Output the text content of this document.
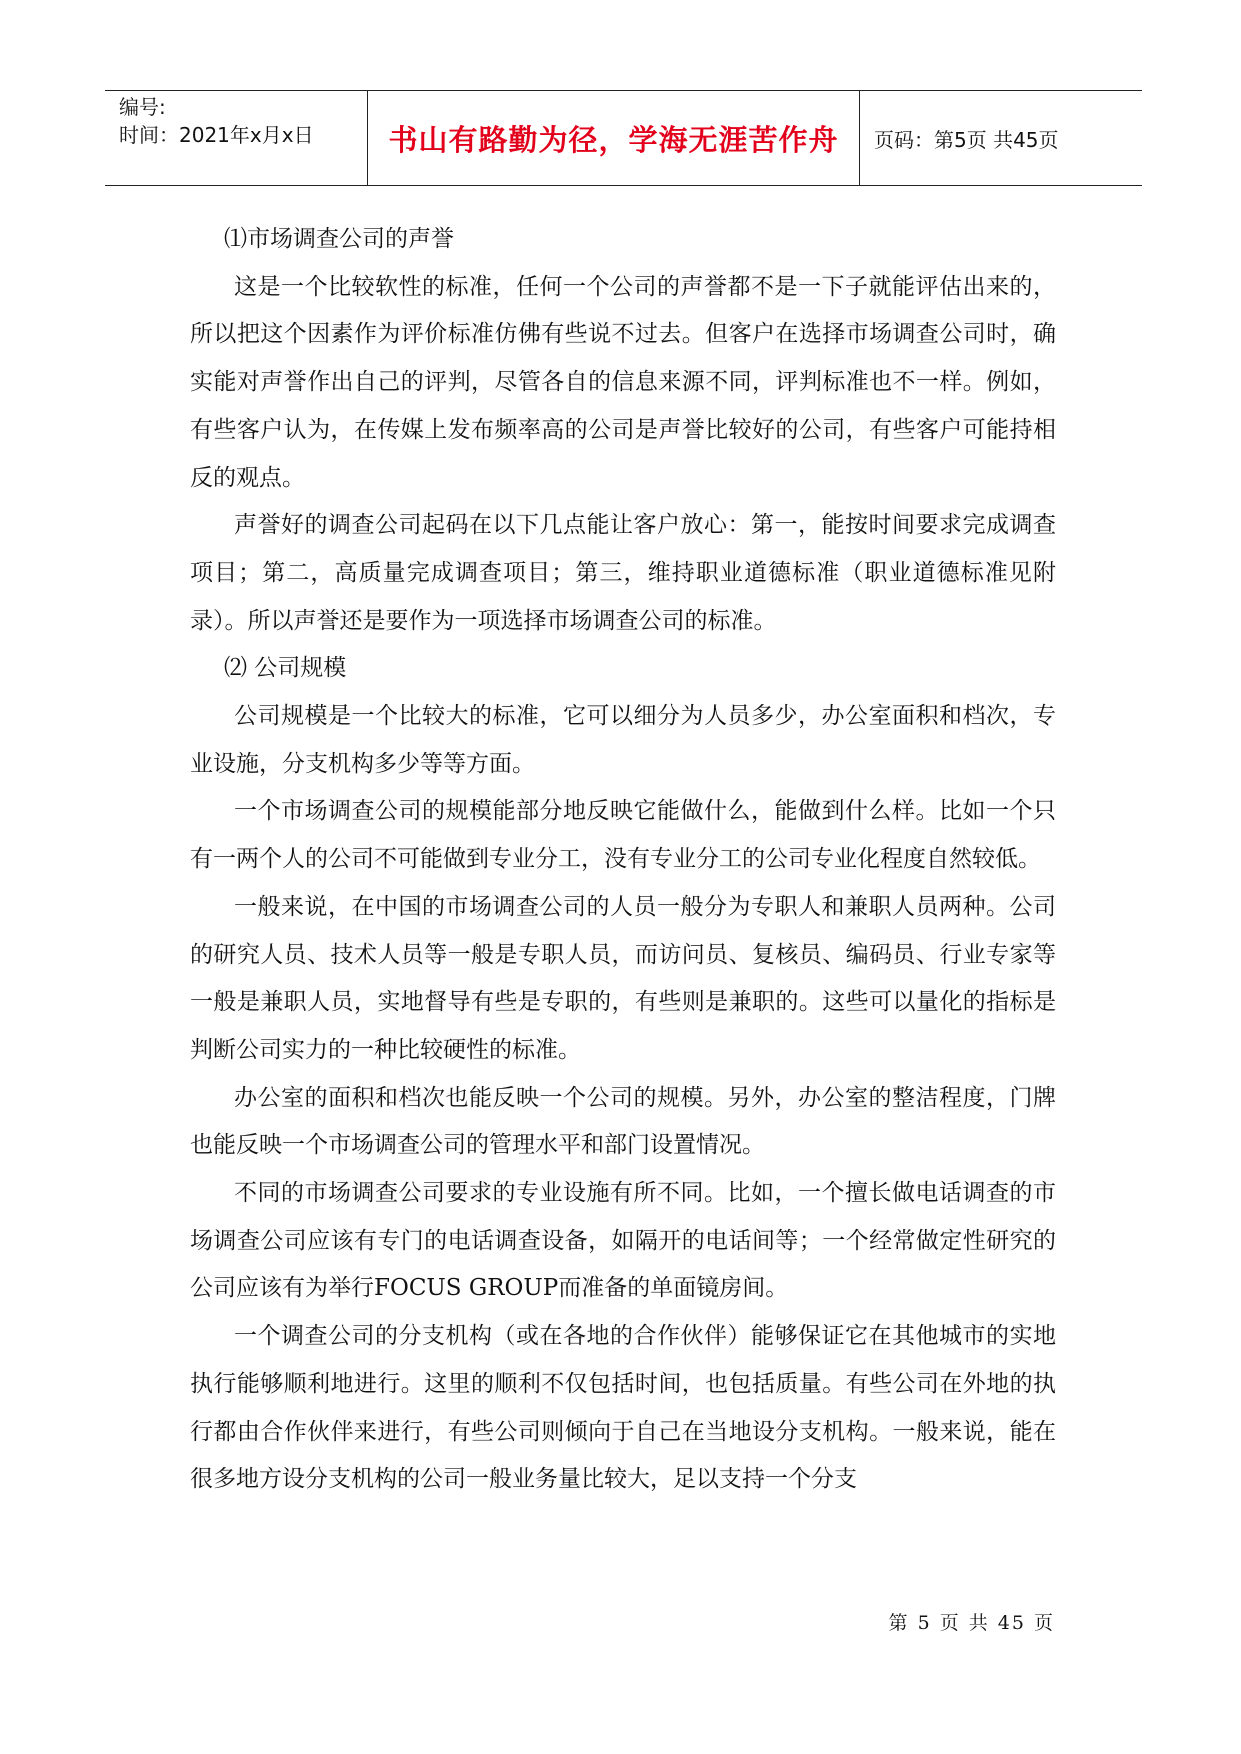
编号:
时间：2021年x月x日	书山有路勤为径，学海无涯苦作舟	页码：第5页 共45页

⑴市场调查公司的声誉

这是一个比较软性的标准，任何一个公司的声誉都不是一下子就能评估出来的，所以把这个因素作为评价标准仿佛有些说不过去。但客户在选择市场调查公司时，确实能对声誉作出自己的评判，尽管各自的信息来源不同，评判标准也不一样。例如，有些客户认为，在传媒上发布频率高的公司是声誉比较好的公司，有些客户可能持相反的观点。

声誉好的调查公司起码在以下几点能让客户放心：第一，能按时间要求完成调查项目；第二，高质量完成调查项目；第三，维持职业道德标准（职业道德标准见附录）。所以声誉还是要作为一项选择市场调查公司的标准。

⑵ 公司规模

公司规模是一个比较大的标准，它可以细分为人员多少，办公室面积和档次，专业设施，分支机构多少等等方面。

一个市场调查公司的规模能部分地反映它能做什么，能做到什么样。比如一个只有一两个人的公司不可能做到专业分工，没有专业分工的公司专业化程度自然较低。

一般来说，在中国的市场调查公司的人员一般分为专职人和兼职人员两种。公司的研究人员、技术人员等一般是专职人员，而访问员、复核员、编码员、行业专家等一般是兼职人员，实地督导有些是专职的，有些则是兼职的。这些可以量化的指标是判断公司实力的一种比较硬性的标准。

办公室的面积和档次也能反映一个公司的规模。另外，办公室的整洁程度，门牌也能反映一个市场调查公司的管理水平和部门设置情况。

不同的市场调查公司要求的专业设施有所不同。比如，一个擅长做电话调查的市场调查公司应该有专门的电话调查设备，如隔开的电话间等；一个经常做定性研究的公司应该有为举行FOCUS GROUP而准备的单面镜房间。

一个调查公司的分支机构（或在各地的合作伙伴）能够保证它在其他城市的实地执行能够顺利地进行。这里的顺利不仅包括时间，也包括质量。有些公司在外地的执行都由合作伙伴来进行，有些公司则倾向于自己在当地设分支机构。一般来说，能在很多地方设分支机构的公司一般业务量比较大，足以支持一个分支

第 5 页 共 45 页
